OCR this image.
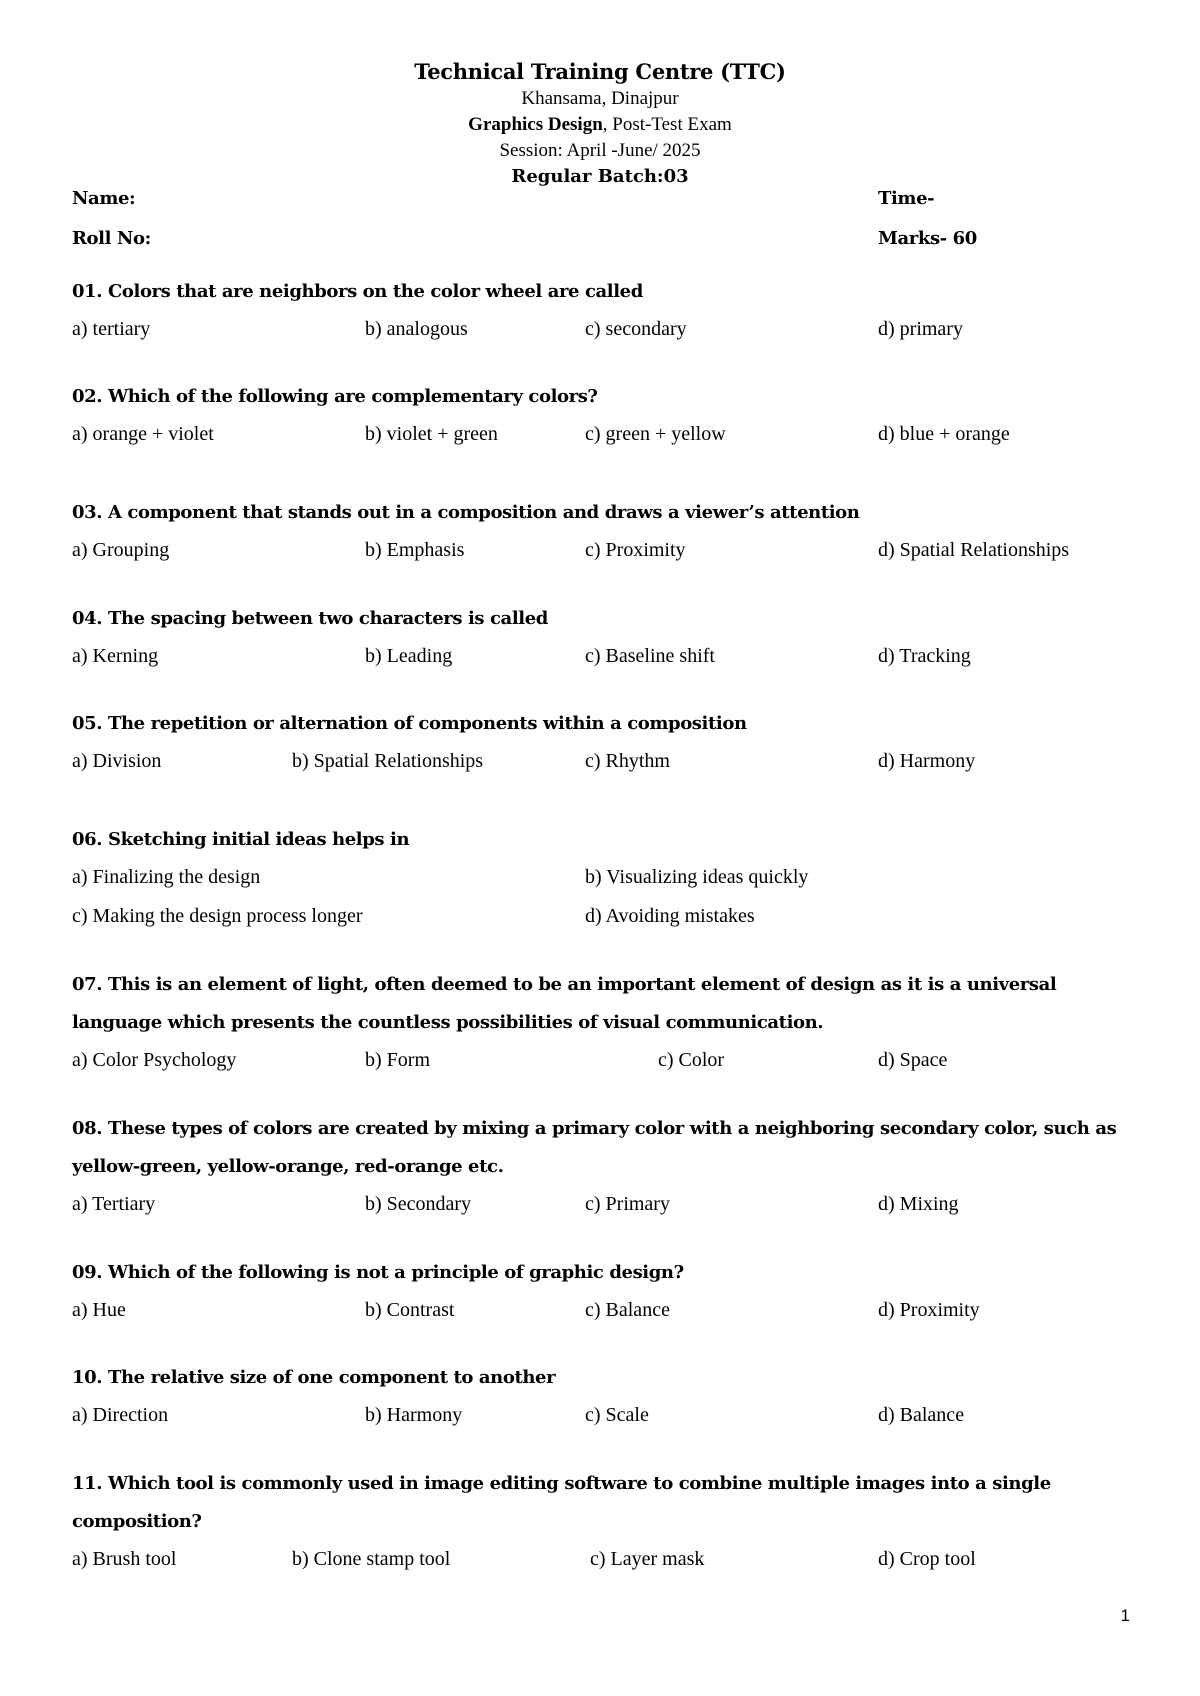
Technical Training Centre (TTC)
Khansama, Dinajpur
Graphics Design, Post-Test Exam
Session: April -June/ 2025
Regular Batch:03
Name:	Time-
Roll No:	Marks- 60
01. Colors that are neighbors on the color wheel are called
a) tertiary	b) analogous	c) secondary	d) primary
02. Which of the following are complementary colors?
a) orange + violet	b) violet + green	c) green + yellow	d) blue + orange
03. A component that stands out in a composition and draws a viewer’s attention
a) Grouping	b) Emphasis	c) Proximity	d) Spatial Relationships
04. The spacing between two characters is called
a) Kerning	b) Leading	c) Baseline shift	d) Tracking
05. The repetition or alternation of components within a composition
a) Division	b) Spatial Relationships	c) Rhythm	d) Harmony
06. Sketching initial ideas helps in
a) Finalizing the design	b) Visualizing ideas quickly
c) Making the design process longer	d) Avoiding mistakes
07. This is an element of light, often deemed to be an important element of design as it is a universal language which presents the countless possibilities of visual communication.
a) Color Psychology	b) Form	c) Color	d) Space
08. These types of colors are created by mixing a primary color with a neighboring secondary color, such as yellow-green, yellow-orange, red-orange etc.
a) Tertiary	b) Secondary	c) Primary	d) Mixing
09. Which of the following is not a principle of graphic design?
a) Hue	b) Contrast	c) Balance	d) Proximity
10. The relative size of one component to another
a) Direction	b) Harmony	c) Scale	d) Balance
11. Which tool is commonly used in image editing software to combine multiple images into a single composition?
a) Brush tool	b) Clone stamp tool	c) Layer mask	d) Crop tool
1
